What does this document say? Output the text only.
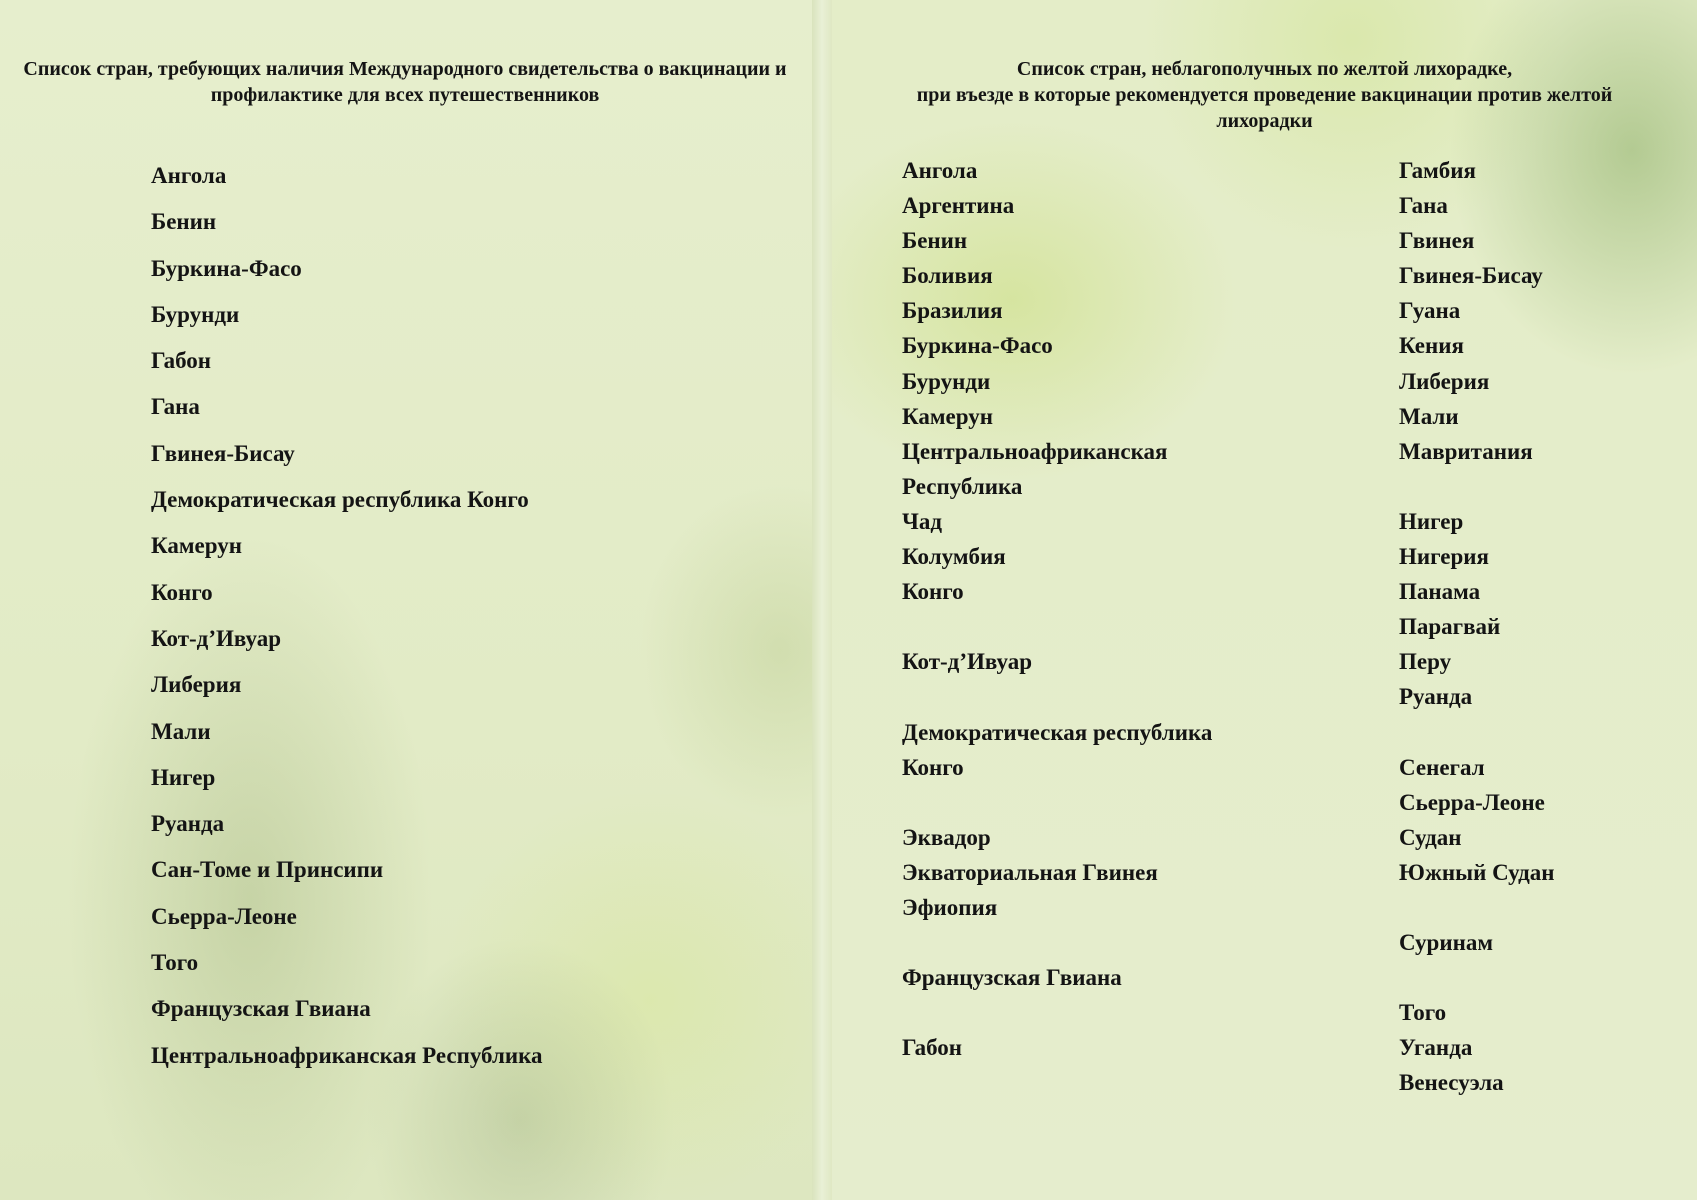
Список стран, требующих наличия Международного свидетельства о вакцинации и профилактике для всех путешественников
Ангола
Бенин
Буркина-Фасо
Бурунди
Габон
Гана
Гвинея-Бисау
Демократическая республика Конго
Камерун
Конго
Кот-д’Ивуар
Либерия
Мали
Нигер
Руанда
Сан-Томе и Принсипи
Сьерра-Леоне
Того
Французская Гвиана
Центральноафриканская Республика
Список стран, неблагополучных по желтой лихорадке,
при въезде в которые рекомендуется проведение вакцинации против желтой
лихорадки
Ангола
Аргентина
Бенин
Боливия
Бразилия
Буркина-Фасо
Бурунди
Камерун
Центральноафриканская
Республика
Чад
Колумбия
Конго
Кот-д’Ивуар
Демократическая республика
Конго
Эквадор
Экваториальная Гвинея
Эфиопия
Французская Гвиана
Габон
Гамбия
Гана
Гвинея
Гвинея-Бисау
Гуана
Кения
Либерия
Мали
Мавритания
Нигер
Нигерия
Панама
Парагвай
Перу
Руанда
Сенегал
Сьерра-Леоне
Судан
Южный Судан
Суринам
Того
Уганда
Венесуэла
